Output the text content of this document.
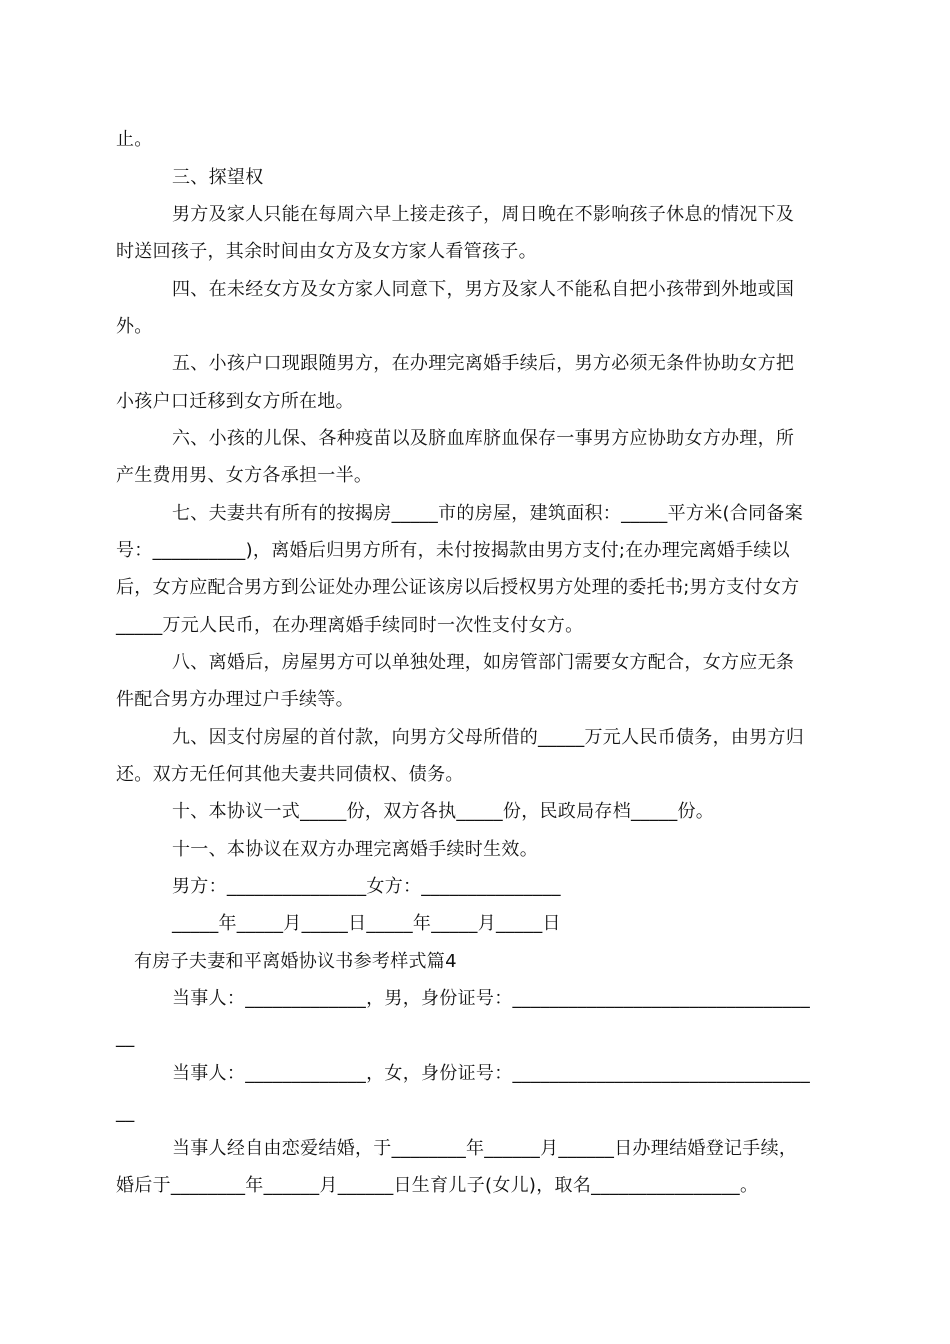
止。
三、探望权
男方及家人只能在每周六早上接走孩子，周日晚在不影响孩子休息的情况下及
时送回孩子，其余时间由女方及女方家人看管孩子。
四、在未经女方及女方家人同意下，男方及家人不能私自把小孩带到外地或国
外。
五、小孩户口现跟随男方，在办理完离婚手续后，男方必须无条件协助女方把
小孩户口迁移到女方所在地。
六、小孩的儿保、各种疫苗以及脐血库脐血保存一事男方应协助女方办理，所
产生费用男、女方各承担一半。
七、夫妻共有所有的按揭房_____市的房屋，建筑面积：_____平方米(合同备案
号：__________)，离婚后归男方所有，未付按揭款由男方支付;在办理完离婚手续以
后，女方应配合男方到公证处办理公证该房以后授权男方处理的委托书;男方支付女方
_____万元人民币，在办理离婚手续同时一次性支付女方。
八、离婚后，房屋男方可以单独处理，如房管部门需要女方配合，女方应无条
件配合男方办理过户手续等。
九、因支付房屋的首付款，向男方父母所借的_____万元人民币债务，由男方归
还。双方无任何其他夫妻共同债权、债务。
十、本协议一式_____份，双方各执_____份，民政局存档_____份。
十一、本协议在双方办理完离婚手续时生效。
男方：_______________女方：_______________
_____年_____月_____日_____年_____月_____日
有房子夫妻和平离婚协议书参考样式篇4
当事人：_____________，男，身份证号：________________________________
__
当事人：_____________，女，身份证号：________________________________
__
当事人经自由恋爱结婚，于________年______月______日办理结婚登记手续，
婚后于________年______月______日生育儿子(女儿)，取名________________。
